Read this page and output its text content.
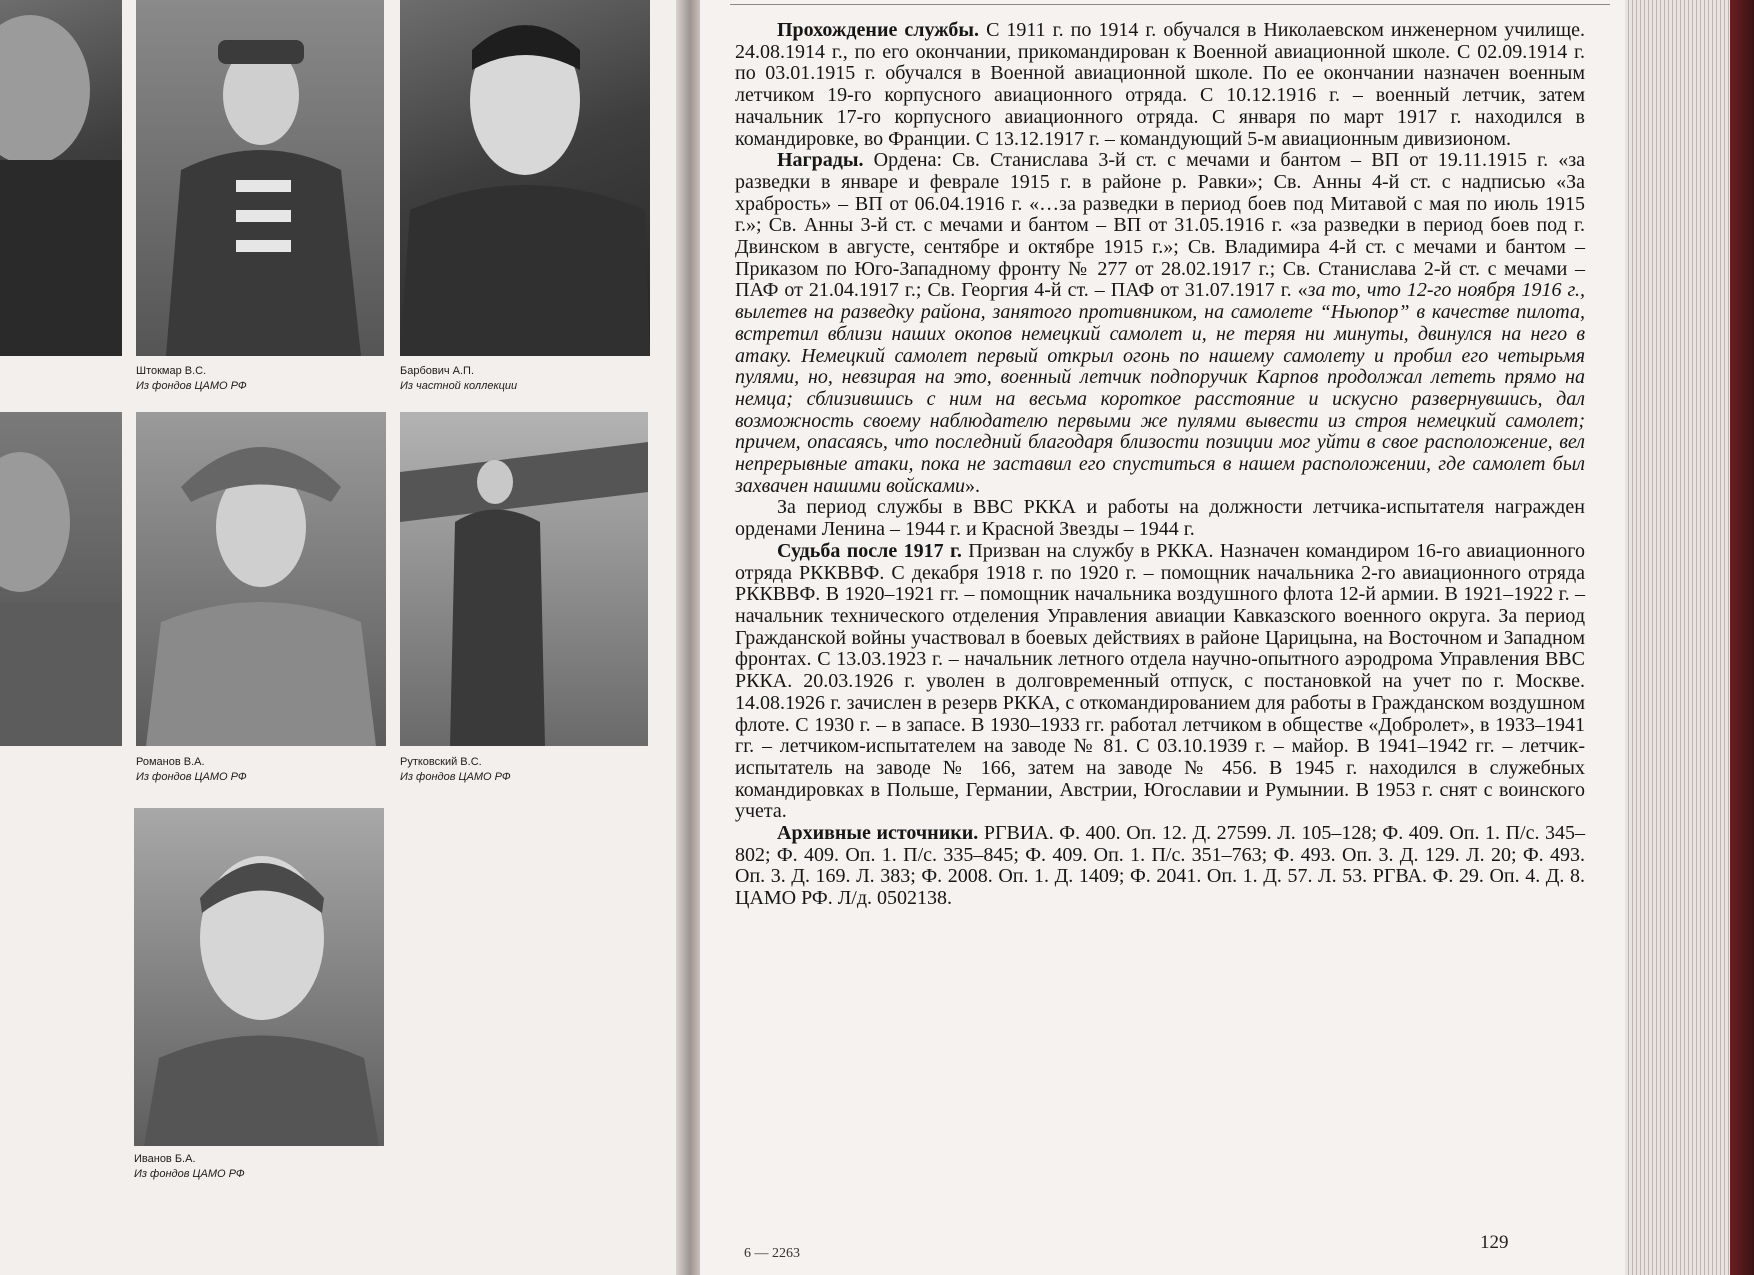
Штокмар В.С.
Из фондов ЦАМО РФ
Барбович А.П.
Из частной коллекции
Романов В.А.
Из фондов ЦАМО РФ
Рутковский В.С.
Из фондов ЦАМО РФ
Иванов Б.А.
Из фондов ЦАМО РФ

Прохождение службы. С 1911 г. по 1914 г. обучался в Николаевском инженерном училище. 24.08.1914 г., по его окончании, прикомандирован к Военной авиационной школе. С 02.09.1914 г. по 03.01.1915 г. обучался в Военной авиационной школе. По ее окончании назначен военным летчиком 19-го корпусного авиационного отряда. С 10.12.1916 г. – военный летчик, затем начальник 17-го корпусного авиационного отряда. С января по март 1917 г. находился в командировке, во Франции. С 13.12.1917 г. – командующий 5-м авиационным дивизионом.

Награды. Ордена: Св. Станислава 3-й ст. с мечами и бантом – ВП от 19.11.1915 г. «за разведки в январе и феврале 1915 г. в районе р. Равки»; Св. Анны 4-й ст. с надписью «За храбрость» – ВП от 06.04.1916 г. «…за разведки в период боев под Митавой с мая по июль 1915 г.»; Св. Анны 3-й ст. с мечами и бантом – ВП от 31.05.1916 г. «за разведки в период боев под г. Двинском в августе, сентябре и октябре 1915 г.»; Св. Владимира 4-й ст. с мечами и бантом – Приказом по Юго-Западному фронту № 277 от 28.02.1917 г.; Св. Станислава 2-й ст. с мечами – ПАФ от 21.04.1917 г.; Св. Георгия 4-й ст. – ПАФ от 31.07.1917 г. «за то, что 12-го ноября 1916 г., вылетев на разведку района, занятого противником, на самолете “Ньюпор” в качестве пилота, встретил вблизи наших окопов немецкий самолет и, не теряя ни минуты, двинулся на него в атаку. Немецкий самолет первый открыл огонь по нашему самолету и пробил его четырьмя пулями, но, невзирая на это, военный летчик подпоручик Карпов продолжал лететь прямо на немца; сблизившись с ним на весьма короткое расстояние и искусно развернувшись, дал возможность своему наблюдателю первыми же пулями вывести из строя немецкий самолет; причем, опасаясь, что последний благодаря близости позиции мог уйти в свое расположение, вел непрерывные атаки, пока не заставил его спуститься в нашем расположении, где самолет был захвачен нашими войсками».

За период службы в ВВС РККА и работы на должности летчика-испытателя награжден орденами Ленина – 1944 г. и Красной Звезды – 1944 г.

Судьба после 1917 г. Призван на службу в РККА. Назначен командиром 16-го авиационного отряда РККВВФ. С декабря 1918 г. по 1920 г. – помощник начальника 2-го авиационного отряда РККВВФ. В 1920–1921 гг. – помощник начальника воздушного флота 12-й армии. В 1921–1922 г. – начальник технического отделения Управления авиации Кавказского военного округа. За период Гражданской войны участвовал в боевых действиях в районе Царицына, на Восточном и Западном фронтах. С 13.03.1923 г. – начальник летного отдела научно-опытного аэродрома Управления ВВС РККА. 20.03.1926 г. уволен в долговременный отпуск, с постановкой на учет по г. Москве. 14.08.1926 г. зачислен в резерв РККА, с откомандированием для работы в Гражданском воздушном флоте. С 1930 г. – в запасе. В 1930–1933 гг. работал летчиком в обществе «Добролет», в 1933–1941 гг. – летчиком-испытателем на заводе № 81. С 03.10.1939 г. – майор. В 1941–1942 гг. – летчик-испытатель на заводе № 166, затем на заводе № 456. В 1945 г. находился в служебных командировках в Польше, Германии, Австрии, Югославии и Румынии. В 1953 г. снят с воинского учета.

Архивные источники. РГВИА. Ф. 400. Оп. 12. Д. 27599. Л. 105–128; Ф. 409. Оп. 1. П/с. 345–802; Ф. 409. Оп. 1. П/с. 335–845; Ф. 409. Оп. 1. П/с. 351–763; Ф. 493. Оп. 3. Д. 129. Л. 20; Ф. 493. Оп. 3. Д. 169. Л. 383; Ф. 2008. Оп. 1. Д. 1409; Ф. 2041. Оп. 1. Д. 57. Л. 53. РГВА. Ф. 29. Оп. 4. Д. 8. ЦАМО РФ. Л/д. 0502138.

6 — 2263
129
